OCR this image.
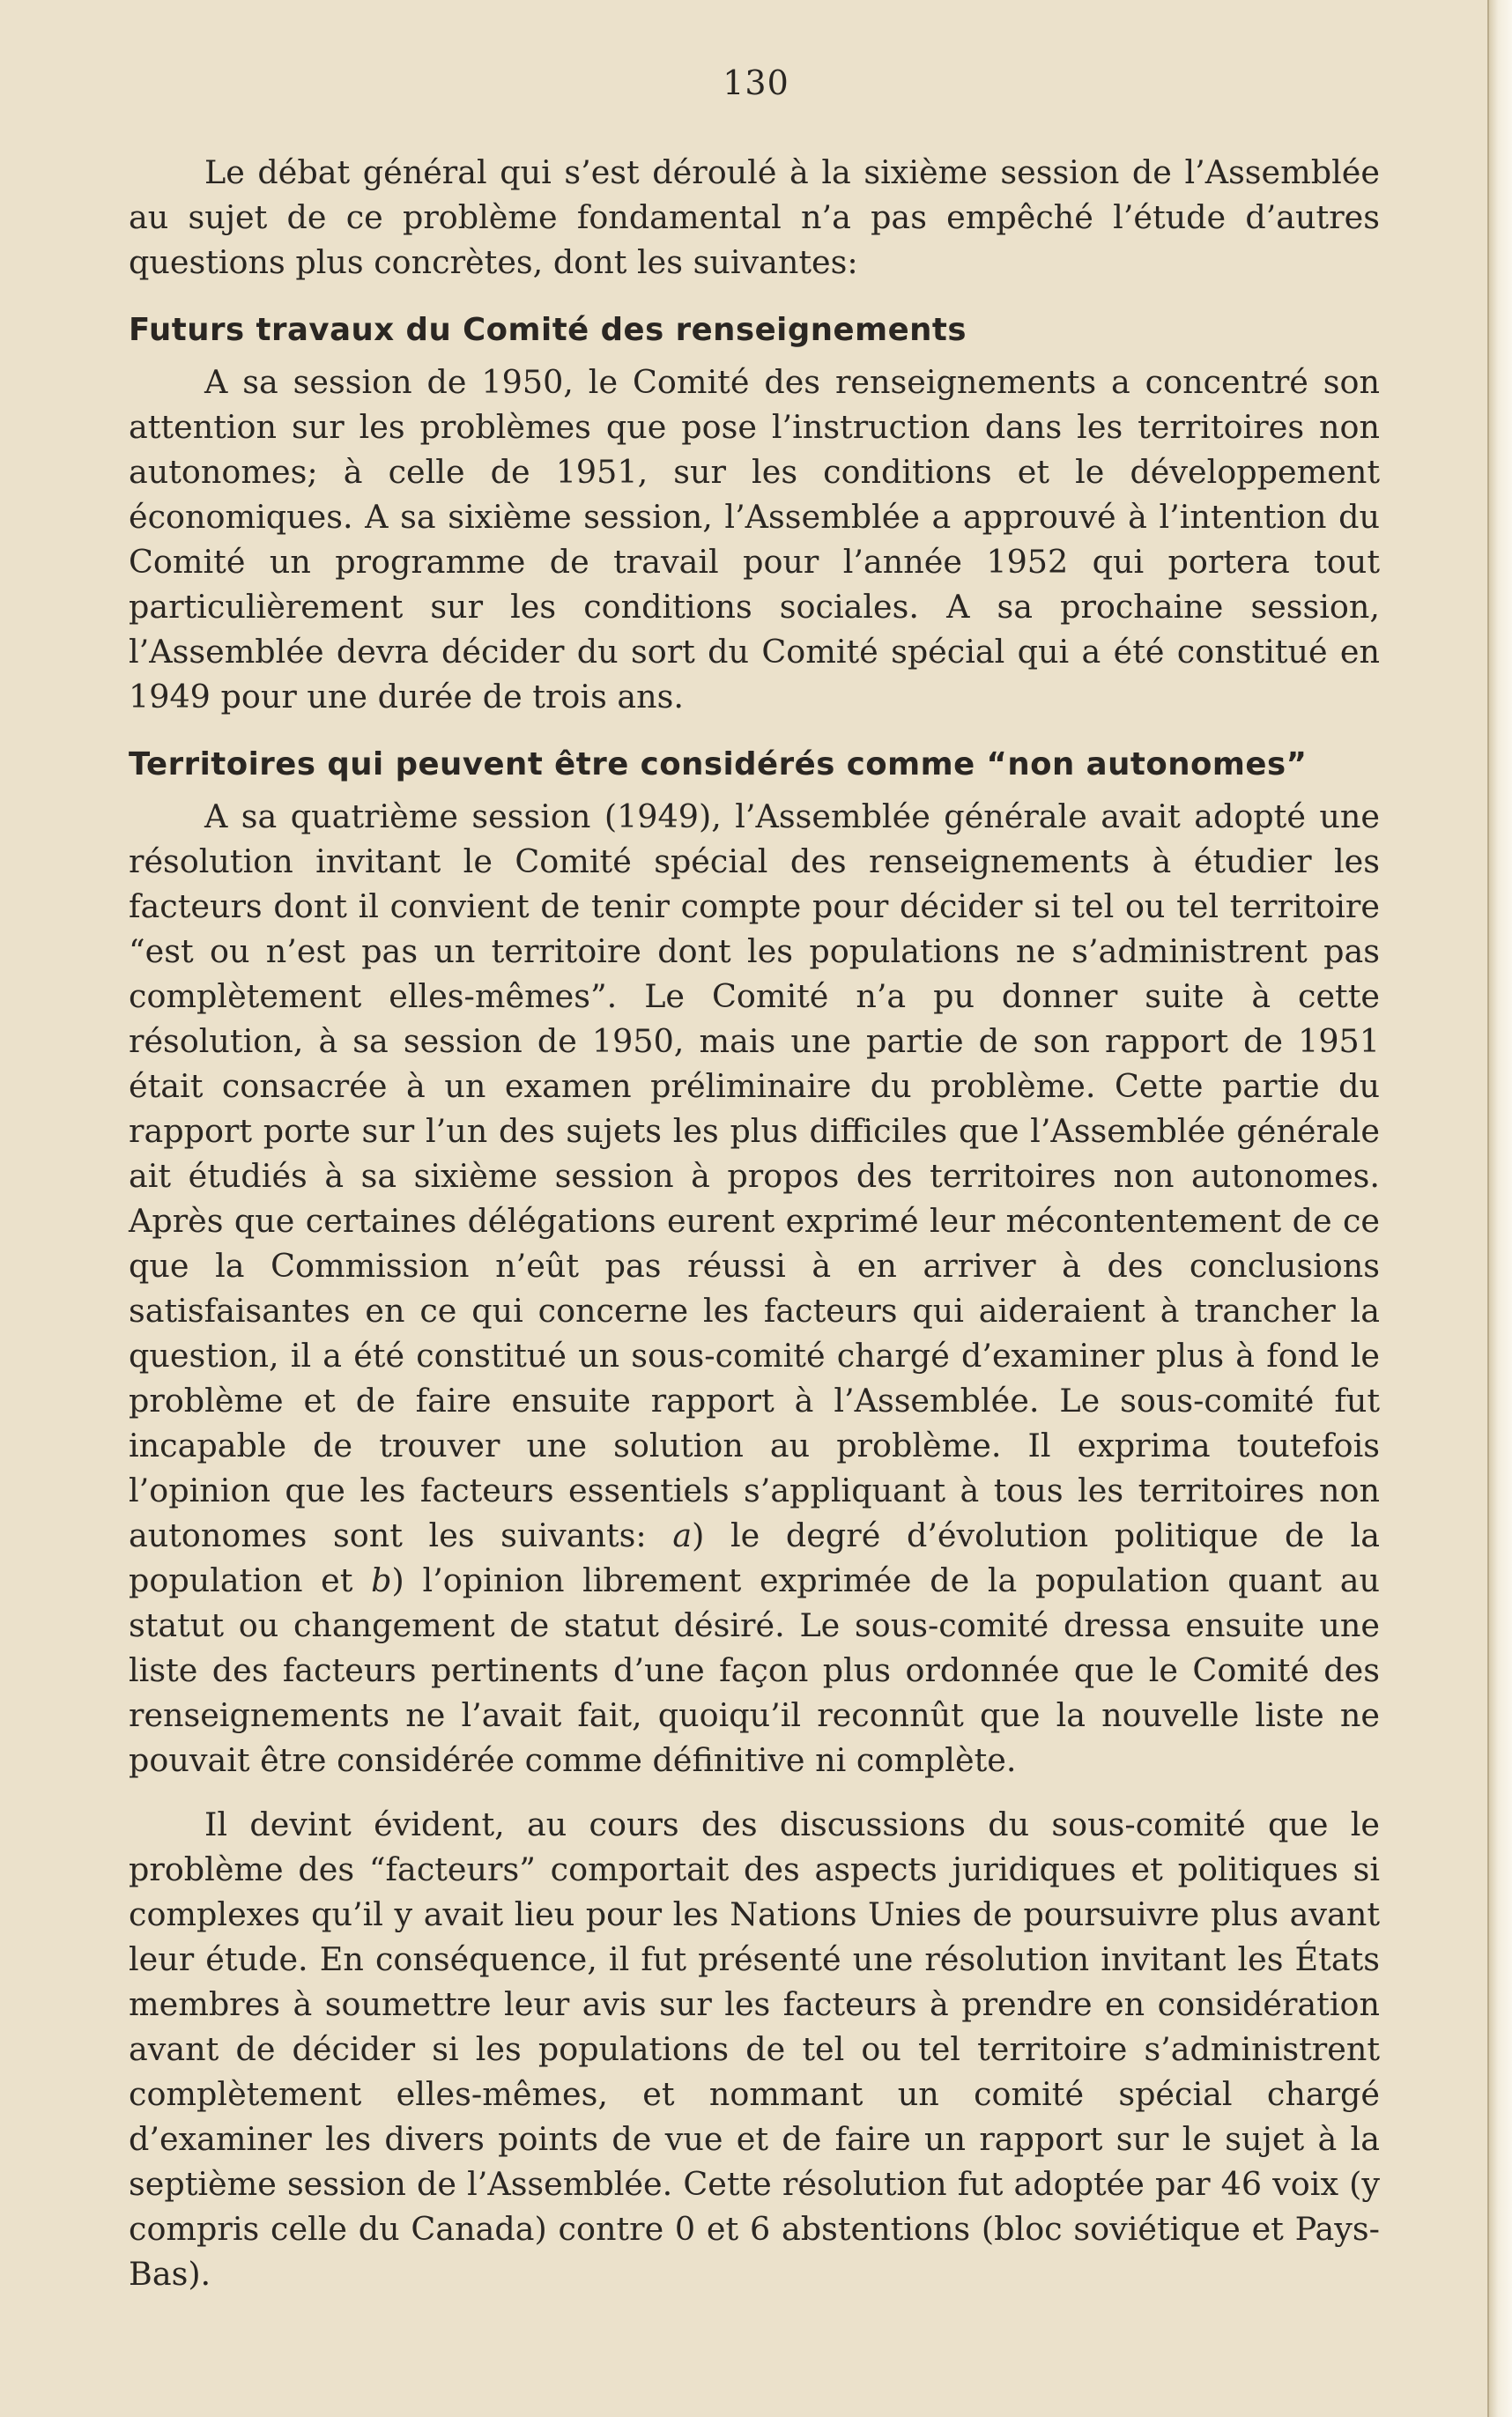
130

Le débat général qui s’est déroulé à la sixième session de l’Assemblée au sujet de ce problème fondamental n’a pas empêché l’étude d’autres questions plus concrètes, dont les suivantes:

Futurs travaux du Comité des renseignements

A sa session de 1950, le Comité des renseignements a concentré son attention sur les problèmes que pose l’instruction dans les territoires non autonomes; à celle de 1951, sur les conditions et le développement économiques. A sa sixième session, l’Assemblée a approuvé à l’intention du Comité un programme de travail pour l’année 1952 qui portera tout particulièrement sur les conditions sociales. A sa prochaine session, l’Assemblée devra décider du sort du Comité spécial qui a été constitué en 1949 pour une durée de trois ans.

Territoires qui peuvent être considérés comme “non autonomes”

A sa quatrième session (1949), l’Assemblée générale avait adopté une résolution invitant le Comité spécial des renseignements à étudier les facteurs dont il convient de tenir compte pour décider si tel ou tel territoire “est ou n’est pas un territoire dont les populations ne s’administrent pas complètement elles-mêmes”. Le Comité n’a pu donner suite à cette résolution, à sa session de 1950, mais une partie de son rapport de 1951 était consacrée à un examen préliminaire du problème. Cette partie du rapport porte sur l’un des sujets les plus difficiles que l’Assemblée générale ait étudiés à sa sixième session à propos des territoires non autonomes. Après que certaines délégations eurent exprimé leur mécontentement de ce que la Commission n’eût pas réussi à en arriver à des conclusions satisfaisantes en ce qui concerne les facteurs qui aideraient à trancher la question, il a été constitué un sous-comité chargé d’examiner plus à fond le problème et de faire ensuite rapport à l’Assemblée. Le sous-comité fut incapable de trouver une solution au problème. Il exprima toutefois l’opinion que les facteurs essentiels s’appliquant à tous les territoires non autonomes sont les suivants: a) le degré d’évolution politique de la population et b) l’opinion librement exprimée de la population quant au statut ou changement de statut désiré. Le sous-comité dressa ensuite une liste des facteurs pertinents d’une façon plus ordonnée que le Comité des renseignements ne l’avait fait, quoiqu’il reconnût que la nouvelle liste ne pouvait être considérée comme définitive ni complète.

Il devint évident, au cours des discussions du sous-comité que le problème des “facteurs” comportait des aspects juridiques et politiques si complexes qu’il y avait lieu pour les Nations Unies de poursuivre plus avant leur étude. En conséquence, il fut présenté une résolution invitant les États membres à soumettre leur avis sur les facteurs à prendre en considération avant de décider si les populations de tel ou tel territoire s’administrent complètement elles-mêmes, et nommant un comité spécial chargé d’examiner les divers points de vue et de faire un rapport sur le sujet à la septième session de l’Assemblée. Cette résolution fut adoptée par 46 voix (y compris celle du Canada) contre 0 et 6 abstentions (bloc soviétique et Pays-Bas).
